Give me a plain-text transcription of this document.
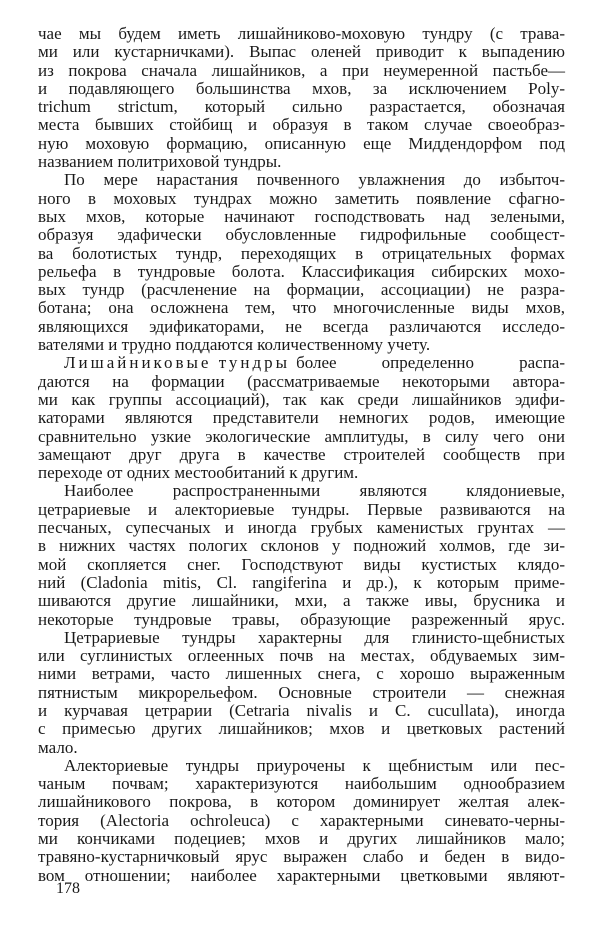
чае мы будем иметь лишайниково-моховую тундру (с трава-
ми или кустарничками). Выпас оленей приводит к выпадению
из покрова сначала лишайников, а при неумеренной пастьбе—
и подавляющего большинства мхов, за исключением Poly-
trichum strictum, который сильно разрастается, обозначая
места бывших стойбищ и образуя в таком случае своеобраз-
ную моховую формацию, описанную еще Миддендорфом под
названием политриховой тундры.
По мере нарастания почвенного увлажнения до избыточ-
ного в моховых тундрах можно заметить появление сфагно-
вых мхов, которые начинают господствовать над зелеными,
образуя эдафически обусловленные гидрофильные сообщест-
ва болотистых тундр, переходящих в отрицательных формах
рельефа в тундровые болота. Классификация сибирских мохо-
вых тундр (расчленение на формации, ассоциации) не разра-
ботана; она осложнена тем, что многочисленные виды мхов,
являющихся эдификаторами, не всегда различаются исследо-
вателями и трудно поддаются количественному учету.
Лишайниковые тундры более определенно распа-
даются на формации (рассматриваемые некоторыми автора-
ми как группы ассоциаций), так как среди лишайников эдифи-
каторами являются представители немногих родов, имеющие
сравнительно узкие экологические амплитуды, в силу чего они
замещают друг друга в качестве строителей сообществ при
переходе от одних местообитаний к другим.
Наиболее распространенными являются клядониевые,
цетрариевые и алекториевые тундры. Первые развиваются на
песчаных, супесчаных и иногда грубых каменистых грунтах —
в нижних частях пологих склонов у подножий холмов, где зи-
мой скопляется снег. Господствуют виды кустистых клядо-
ний (Cladonia mitis, Cl. rangiferina и др.), к которым приме-
шиваются другие лишайники, мхи, а также ивы, брусника и
некоторые тундровые травы, образующие разреженный ярус.
Цетрариевые тундры характерны для глинисто-щебнистых
или суглинистых оглеенных почв на местах, обдуваемых зим-
ними ветрами, часто лишенных снега, с хорошо выраженным
пятнистым микрорельефом. Основные строители — снежная
и курчавая цетрарии (Cetraria nivalis и C. cucullata), иногда
с примесью других лишайников; мхов и цветковых растений
мало.
Алекториевые тундры приурочены к щебнистым или пес-
чаным почвам; характеризуются наибольшим однообразием
лишайникового покрова, в котором доминирует желтая алек-
тория (Alectoria ochroleuca) с характерными синевато-черны-
ми кончиками подециев; мхов и других лишайников мало;
травяно-кустарничковый ярус выражен слабо и беден в видо-
вом отношении; наиболее характерными цветковыми являют-
178
